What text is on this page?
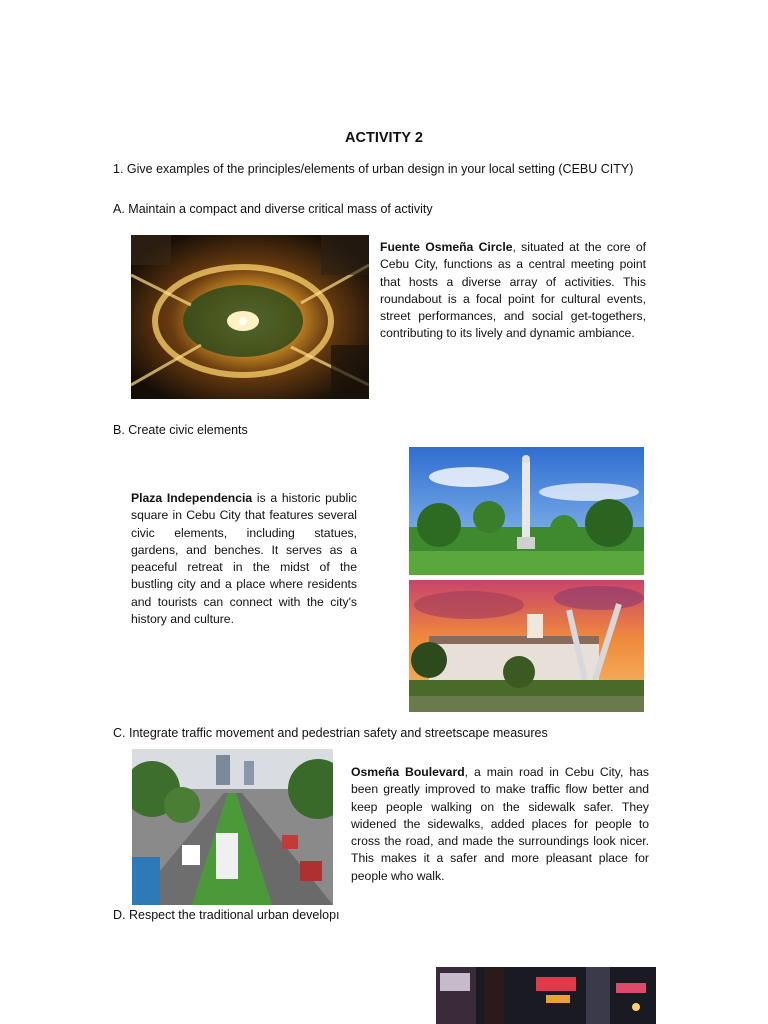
ACTIVITY 2
1. Give examples of the principles/elements of urban design in your local setting (CEBU CITY)
A. Maintain a compact and diverse critical mass of activity
Fuente Osmeña Circle, situated at the core of Cebu City, functions as a central meeting point that hosts a diverse array of activities. This roundabout is a focal point for cultural events, street performances, and social get-togethers, contributing to its lively and dynamic ambiance.
B. Create civic elements
Plaza Independencia is a historic public square in Cebu City that features several civic elements, including statues, gardens, and benches. It serves as a peaceful retreat in the midst of the bustling city and a place where residents and tourists can connect with the city's history and culture.
C. Integrate traffic movement and pedestrian safety and streetscape measures
Osmeña Boulevard, a main road in Cebu City, has been greatly improved to make traffic flow better and keep people walking on the sidewalk safer. They widened the sidewalks, added places for people to cross the road, and made the surroundings look nicer. This makes it a safer and more pleasant place for people who walk.
D. Respect the traditional urban developı
